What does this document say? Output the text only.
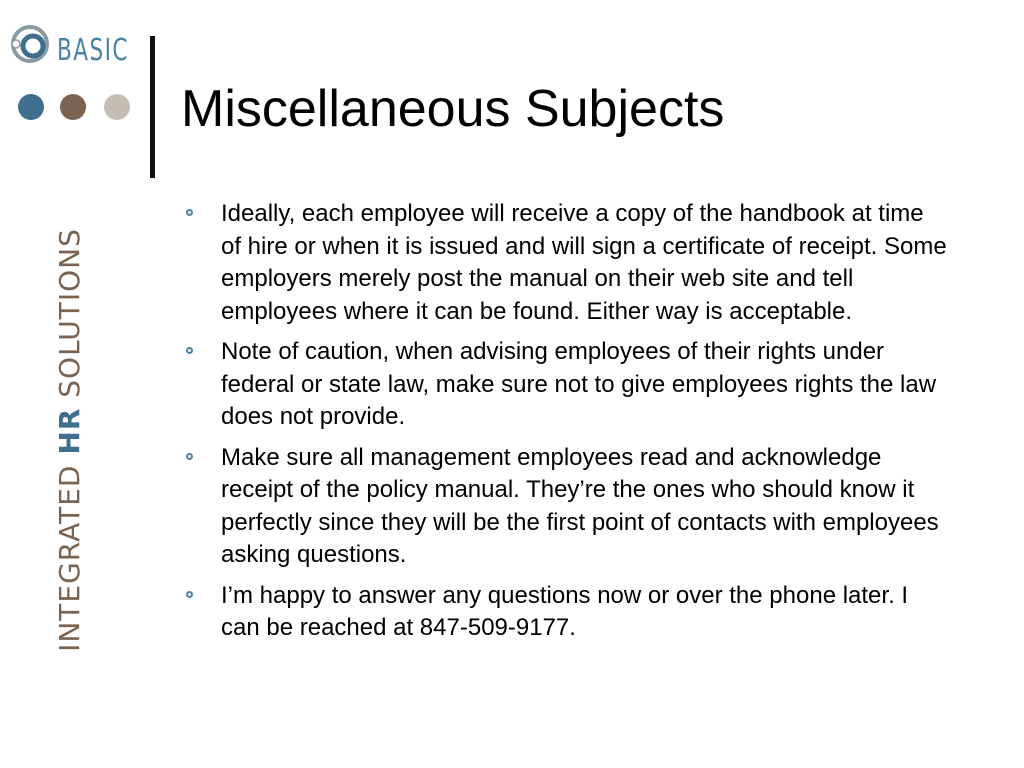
BASIC
INTEGRATED HR SOLUTIONS
Miscellaneous Subjects
Ideally, each employee will receive a copy of the handbook at time of hire or when it is issued and will sign a certificate of receipt. Some employers merely post the manual on their web site and tell employees where it can be found. Either way is acceptable.
Note of caution, when advising employees of their rights under federal or state law, make sure not to give employees rights the law does not provide.
Make sure all management employees read and acknowledge receipt of the policy manual. They’re the ones who should know it perfectly since they will be the first point of contacts with employees asking questions.
I’m happy to answer any questions now or over the phone later. I can be reached at 847-509-9177.
